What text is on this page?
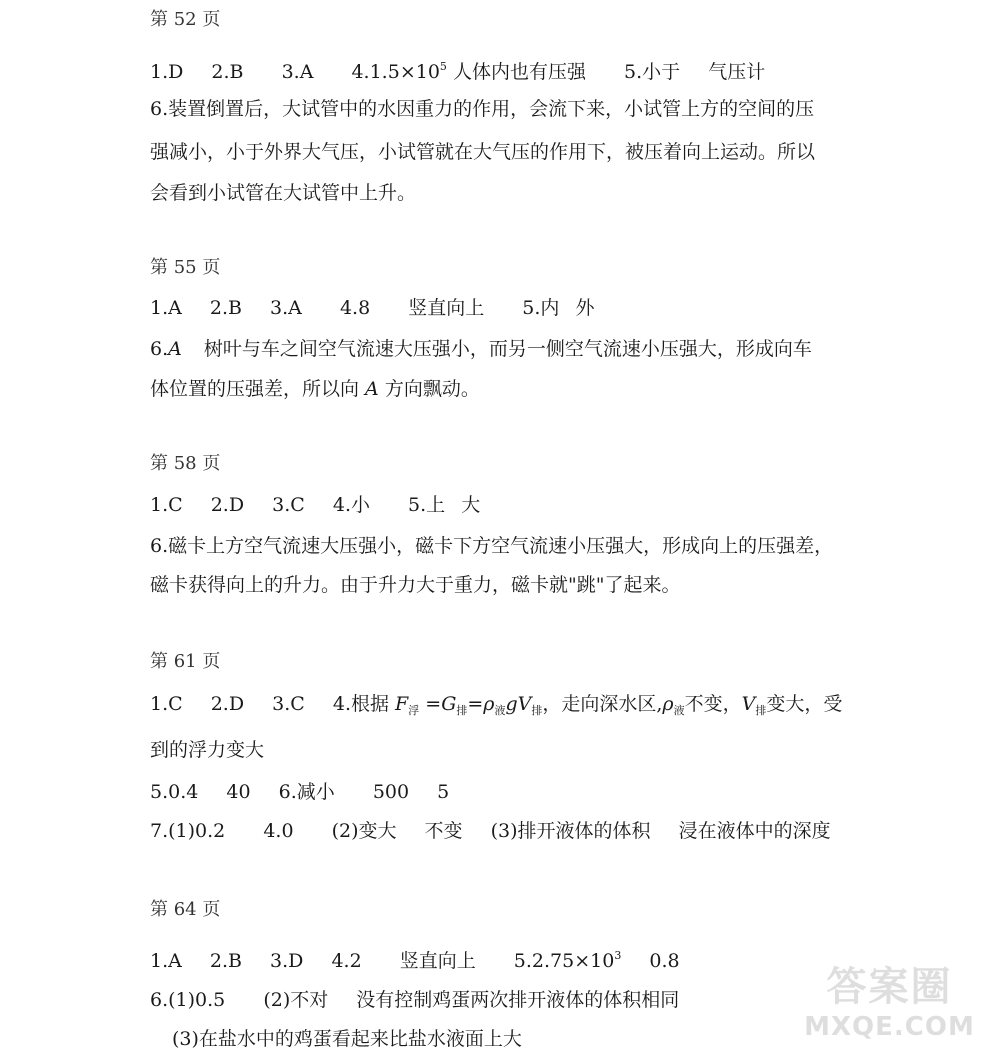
第 52 页
1.D 2.B 3.A $4.1.5\times 10^5$ 人体内也有压强 5.小于 气压计
6.装置倒置后，大试管中的水因重力的作用，会流下来，小试管上方的空间的压
强减小，小于外界大气压，小试管就在大气压的作用下，被压着向上运动。所以
会看到小试管在大试管中上升。
第 55 页
1.A 2.B 3.A 4.8 竖直向上 5.内 外
6.A 树叶与车之间空气流速大压强小，而另一侧空气流速小压强大，形成向车
体位置的压强差，所以向 A 方向飘动。
第 58 页
1.C 2.D 3.C 4.小 5.上 大
6.磁卡上方空气流速大压强小，磁卡下方空气流速小压强大，形成向上的压强差，
磁卡获得向上的升力。由于升力大于重力，磁卡就"跳"了起来。
第 61 页
1.C 2.D 3.C 4.根据 $F_浮 =G_排=\rho_液gV_排$，走向深水区$,\rho_液$不变，$V_排$变大，受
到的浮力变大
5.0.4 40 6.减小 500 5
7.(1)0.2 4.0 (2)变大 不变 (3)排开液体的体积 浸在液体中的深度
第 64 页
1.A 2.B 3.D 4.2 竖直向上 $5.2.75\times 10^3$ 0.8
6.(1)0.5 (2)不对 没有控制鸡蛋两次排开液体的体积相同
(3)在盐水中的鸡蛋看起来比盐水液面上大
答案圈
MXQE.COM
